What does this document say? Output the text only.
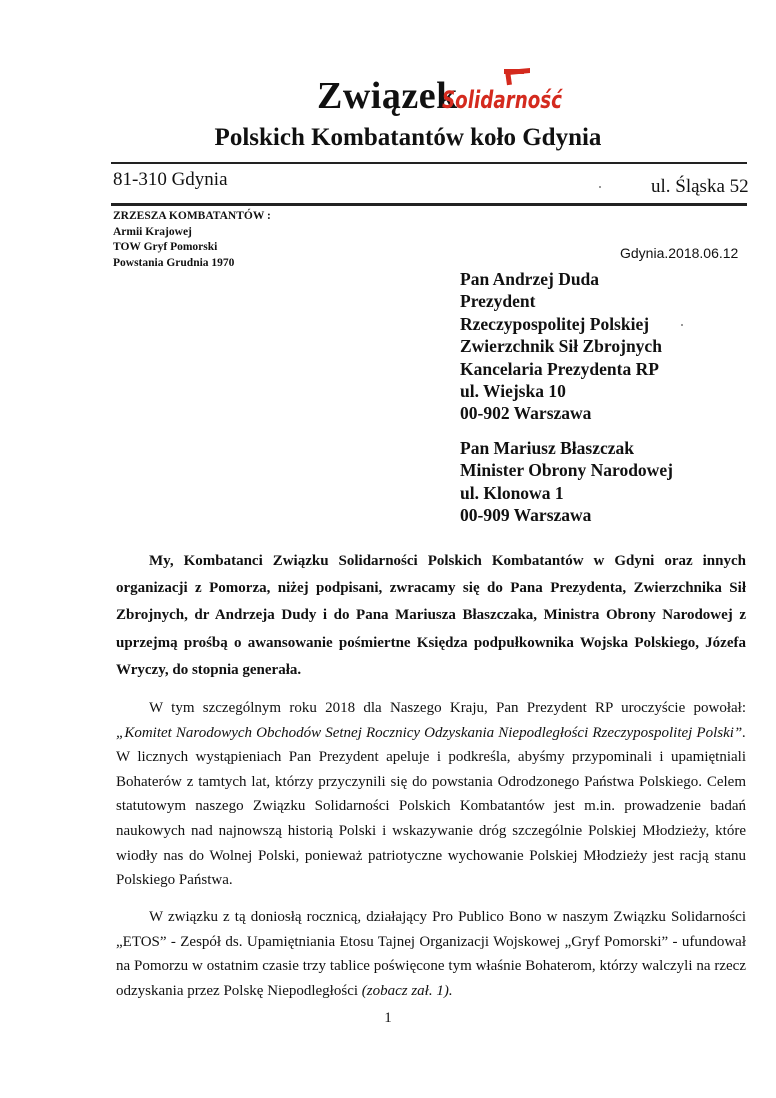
Związek
Solidarność
Polskich Kombatantów koło Gdynia
81-310 Gdynia	ul. Śląska 52
ZRZESZA KOMBATANTÓW :
Armii Krajowej
TOW Gryf Pomorski
Powstania Grudnia 1970
Gdynia.2018.06.12
Pan Andrzej Duda
Prezydent
Rzeczypospolitej Polskiej
Zwierzchnik Sił Zbrojnych
Kancelaria Prezydenta RP
ul. Wiejska 10
00-902 Warszawa
Pan Mariusz Błaszczak
Minister Obrony Narodowej
ul. Klonowa 1
00-909 Warszawa

My, Kombatanci Związku Solidarności Polskich Kombatantów w Gdyni oraz innych organizacji z Pomorza, niżej podpisani, zwracamy się do Pana Prezydenta, Zwierzchnika Sił Zbrojnych, dr Andrzeja Dudy i do Pana Mariusza Błaszczaka, Ministra Obrony Narodowej z uprzejmą prośbą o awansowanie pośmiertne Księdza podpułkownika Wojska Polskiego, Józefa Wryczy, do stopnia generała.

W tym szczególnym roku 2018 dla Naszego Kraju, Pan Prezydent RP uroczyście powołał: „Komitet Narodowych Obchodów Setnej Rocznicy Odzyskania Niepodległości Rzeczypospolitej Polski”. W licznych wystąpieniach Pan Prezydent apeluje i podkreśla, abyśmy przypominali i upamiętniali Bohaterów z tamtych lat, którzy przyczynili się do powstania Odrodzonego Państwa Polskiego. Celem statutowym naszego Związku Solidarności Polskich Kombatantów jest m.in. prowadzenie badań naukowych nad najnowszą historią Polski i wskazywanie dróg szczególnie Polskiej Młodzieży, które wiodły nas do Wolnej Polski, ponieważ patriotyczne wychowanie Polskiej Młodzieży jest racją stanu Polskiego Państwa.

W związku z tą doniosłą rocznicą, działający Pro Publico Bono w naszym Związku Solidarności „ETOS” - Zespół ds. Upamiętniania Etosu Tajnej Organizacji Wojskowej „Gryf Pomorski” - ufundował na Pomorzu w ostatnim czasie trzy tablice poświęcone tym właśnie Bohaterom, którzy walczyli na rzecz odzyskania przez Polskę Niepodległości (zobacz zał. 1).

1
